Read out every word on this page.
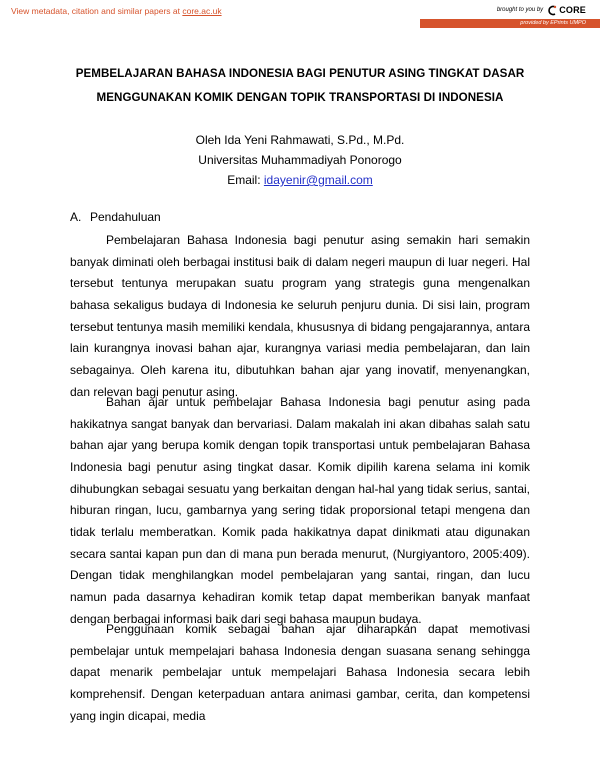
View metadata, citation and similar papers at core.ac.uk	brought to you by CORE
provided by EPrints UMPO
PEMBELAJARAN BAHASA INDONESIA BAGI PENUTUR ASING TINGKAT DASAR
MENGGUNAKAN KOMIK DENGAN TOPIK TRANSPORTASI DI INDONESIA
Oleh Ida Yeni Rahmawati, S.Pd., M.Pd.
Universitas Muhammadiyah Ponorogo
Email: idayenir@gmail.com
A. Pendahuluan

Pembelajaran Bahasa Indonesia bagi penutur asing semakin hari semakin banyak diminati oleh berbagai institusi baik di dalam negeri maupun di luar negeri. Hal tersebut tentunya merupakan suatu program yang strategis guna mengenalkan bahasa sekaligus budaya di Indonesia ke seluruh penjuru dunia. Di sisi lain, program tersebut tentunya masih memiliki kendala, khususnya di bidang pengajarannya, antara lain kurangnya inovasi bahan ajar, kurangnya variasi media pembelajaran, dan lain sebagainya. Oleh karena itu, dibutuhkan bahan ajar yang inovatif, menyenangkan, dan relevan bagi penutur asing.

Bahan ajar untuk pembelajar Bahasa Indonesia bagi penutur asing pada hakikatnya sangat banyak dan bervariasi. Dalam makalah ini akan dibahas salah satu bahan ajar yang berupa komik dengan topik transportasi untuk pembelajaran Bahasa Indonesia bagi penutur asing tingkat dasar. Komik dipilih karena selama ini komik dihubungkan sebagai sesuatu yang berkaitan dengan hal-hal yang tidak serius, santai, hiburan ringan, lucu, gambarnya yang sering tidak proporsional tetapi mengena dan tidak terlalu memberatkan. Komik pada hakikatnya dapat dinikmati atau digunakan secara santai kapan pun dan di mana pun berada menurut, (Nurgiyantoro, 2005:409). Dengan tidak menghilangkan model pembelajaran yang santai, ringan, dan lucu namun pada dasarnya kehadiran komik tetap dapat memberikan banyak manfaat dengan berbagai informasi baik dari segi bahasa maupun budaya.

Penggunaan komik sebagai bahan ajar diharapkan dapat memotivasi pembelajar untuk mempelajari bahasa Indonesia dengan suasana senang sehingga dapat menarik pembelajar untuk mempelajari Bahasa Indonesia secara lebih komprehensif. Dengan keterpaduan antara animasi gambar, cerita, dan kompetensi yang ingin dicapai, media
